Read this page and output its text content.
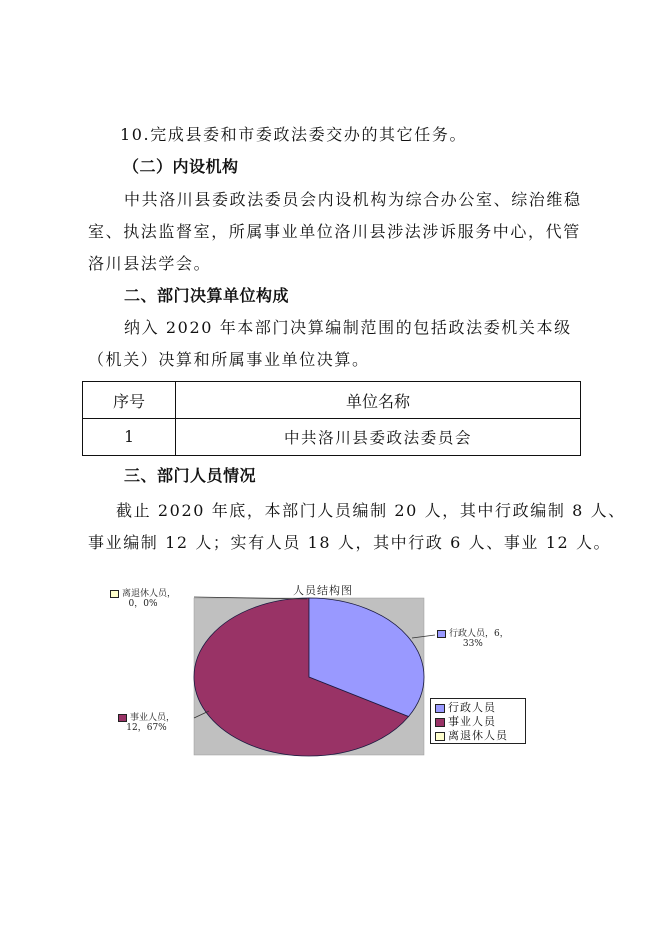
10.完成县委和市委政法委交办的其它任务。
（二）内设机构
中共洛川县委政法委员会内设机构为综合办公室、综治维稳
室、执法监督室，所属事业单位洛川县涉法涉诉服务中心，代管
洛川县法学会。
二、部门决算单位构成
纳入 2020 年本部门决算编制范围的包括政法委机关本级
（机关）决算和所属事业单位决算。
序号	单位名称
1	中共洛川县委政法委员会
三、部门人员情况
截止 2020 年底，本部门人员编制 20 人，其中行政编制 8 人、
事业编制 12 人；实有人员 18 人，其中行政 6 人、事业 12 人。
人员结构图
离退休人员，
0，0%
行政人员，6，
33%
事业人员，
12，67%
行政人员
事业人员
离退休人员
